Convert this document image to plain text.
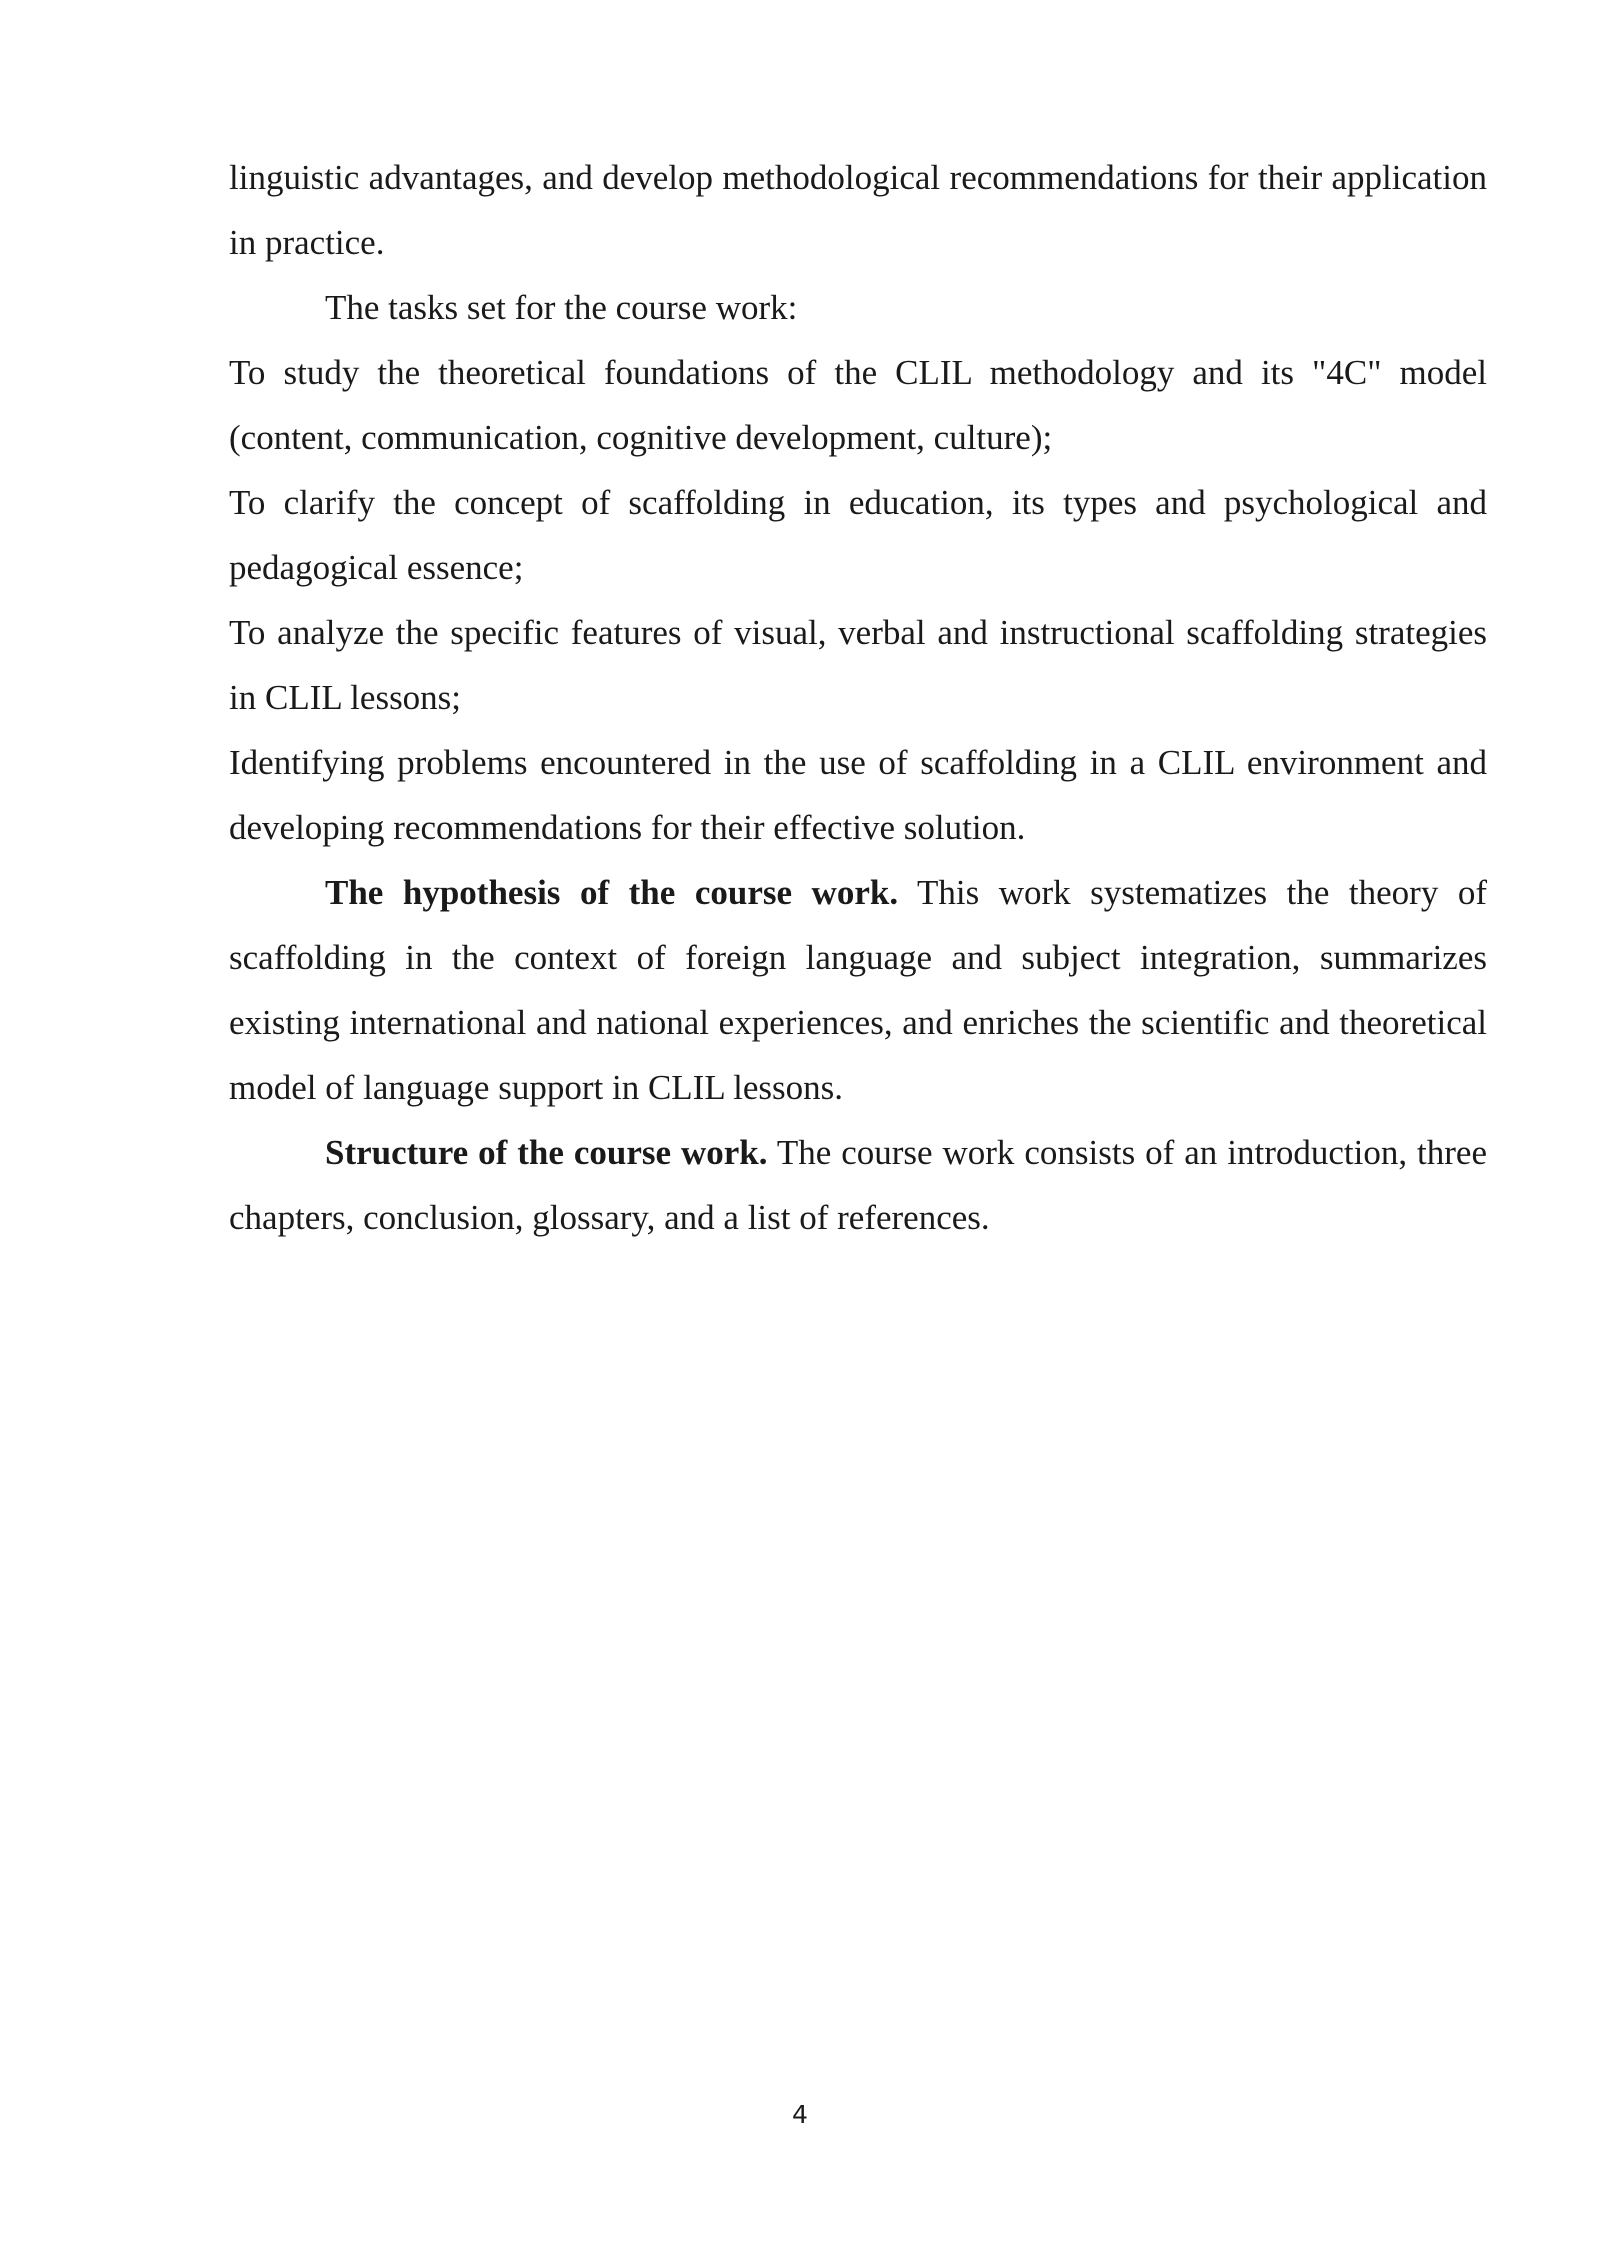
linguistic advantages, and develop methodological recommendations for their application in practice.

The tasks set for the course work:

To study the theoretical foundations of the CLIL methodology and its "4C" model (content, communication, cognitive development, culture);

To clarify the concept of scaffolding in education, its types and psychological and pedagogical essence;

To analyze the specific features of visual, verbal and instructional scaffolding strategies in CLIL lessons;

Identifying problems encountered in the use of scaffolding in a CLIL environment and developing recommendations for their effective solution.

The hypothesis of the course work. This work systematizes the theory of scaffolding in the context of foreign language and subject integration, summarizes existing international and national experiences, and enriches the scientific and theoretical model of language support in CLIL lessons.

Structure of the course work. The course work consists of an introduction, three chapters, conclusion, glossary, and a list of references.

4
